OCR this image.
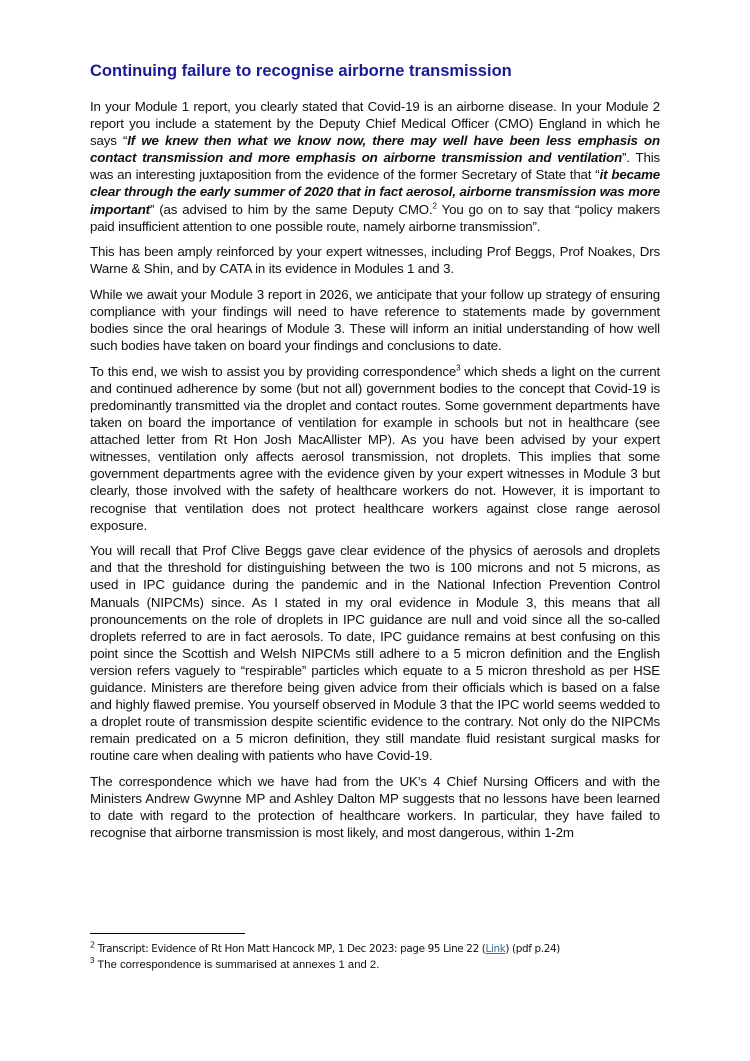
Continuing failure to recognise airborne transmission

In your Module 1 report, you clearly stated that Covid-19 is an airborne disease. In your Module 2 report you include a statement by the Deputy Chief Medical Officer (CMO) England in which he says “If we knew then what we know now, there may well have been less emphasis on contact transmission and more emphasis on airborne transmission and ventilation”. This was an interesting juxtaposition from the evidence of the former Secretary of State that “it became clear through the early summer of 2020 that in fact aerosol, airborne transmission was more important” (as advised to him by the same Deputy CMO.$^2$ You go on to say that “policy makers paid insufficient attention to one possible route, namely airborne transmission”.

This has been amply reinforced by your expert witnesses, including Prof Beggs, Prof Noakes, Drs Warne & Shin, and by CATA in its evidence in Modules 1 and 3.

While we await your Module 3 report in 2026, we anticipate that your follow up strategy of ensuring compliance with your findings will need to have reference to statements made by government bodies since the oral hearings of Module 3. These will inform an initial understanding of how well such bodies have taken on board your findings and conclusions to date.

To this end, we wish to assist you by providing correspondence$^3$ which sheds a light on the current and continued adherence by some (but not all) government bodies to the concept that Covid-19 is predominantly transmitted via the droplet and contact routes. Some government departments have taken on board the importance of ventilation for example in schools but not in healthcare (see attached letter from Rt Hon Josh MacAllister MP). As you have been advised by your expert witnesses, ventilation only affects aerosol transmission, not droplets. This implies that some government departments agree with the evidence given by your expert witnesses in Module 3 but clearly, those involved with the safety of healthcare workers do not. However, it is important to recognise that ventilation does not protect healthcare workers against close range aerosol exposure.

You will recall that Prof Clive Beggs gave clear evidence of the physics of aerosols and droplets and that the threshold for distinguishing between the two is 100 microns and not 5 microns, as used in IPC guidance during the pandemic and in the National Infection Prevention Control Manuals (NIPCMs) since. As I stated in my oral evidence in Module 3, this means that all pronouncements on the role of droplets in IPC guidance are null and void since all the so-called droplets referred to are in fact aerosols. To date, IPC guidance remains at best confusing on this point since the Scottish and Welsh NIPCMs still adhere to a 5 micron definition and the English version refers vaguely to “respirable” particles which equate to a 5 micron threshold as per HSE guidance. Ministers are therefore being given advice from their officials which is based on a false and highly flawed premise. You yourself observed in Module 3 that the IPC world seems wedded to a droplet route of transmission despite scientific evidence to the contrary. Not only do the NIPCMs remain predicated on a 5 micron definition, they still mandate fluid resistant surgical masks for routine care when dealing with patients who have Covid-19.

The correspondence which we have had from the UK’s 4 Chief Nursing Officers and with the Ministers Andrew Gwynne MP and Ashley Dalton MP suggests that no lessons have been learned to date with regard to the protection of healthcare workers. In particular, they have failed to recognise that airborne transmission is most likely, and most dangerous, within 1-2m

$^2$ Transcript: Evidence of Rt Hon Matt Hancock MP, 1 Dec 2023: page 95 Line 22 (Link) (pdf p.24)
$^3$ The correspondence is summarised at annexes 1 and 2.
